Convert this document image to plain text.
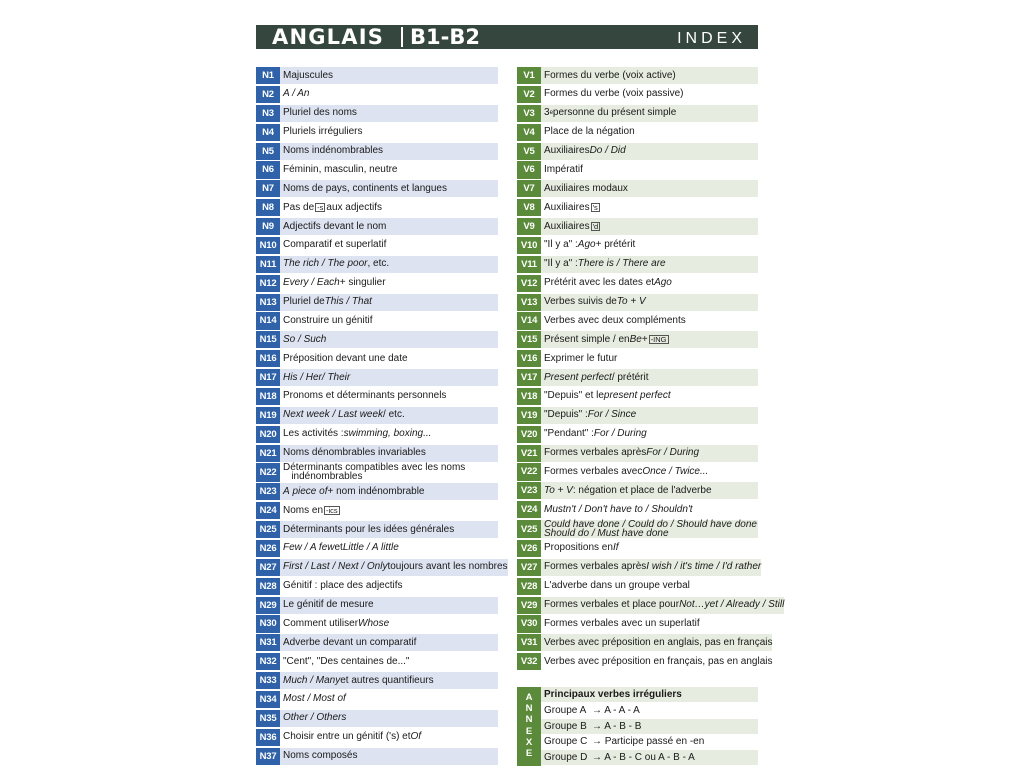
ANGLAIS B1-B2	INDEX
N1 Majuscules
N2 A / An
N3 Pluriel des noms
N4 Pluriels irréguliers
N5 Noms indénombrables
N6 Féminin, masculin, neutre
N7 Noms de pays, continents et langues
N8 Pas de -s aux adjectifs
N9 Adjectifs devant le nom
N10 Comparatif et superlatif
N11 The rich / The poor , etc.
N12 Every / Each + singulier
N13 Pluriel de This / That
N14 Construire un génitif
N15 So / Such
N16 Préposition devant une date
N17 His / Her/ Their
N18 Pronoms et déterminants personnels
N19 Next week / Last week / etc.
N20 Les activités : swimming, boxing...
N21 Noms dénombrables invariables
N22 Déterminants compatibles avec les noms
indénombrables
N23 A
piece of + nom indénombrable
N24 Noms en -ics
N25 Déterminants pour les idées générales
N26 Few / A few et Little / A little
N27 First / Last / Next / Only toujours avant les nombres
N28 Génitif : place des adjectifs
N29 Le génitif de mesure
N30 Comment utiliser Whose
N31 Adverbe devant un comparatif
N32 "Cent", "Des centaines de..."
N33 Much / Many et autres quantifieurs
N34 Most / Most of
N35 Other / Others
N36 Choisir entre un génitif ('s) et Of
N37 Noms composés
V1 Formes du verbe (voix active)
V2 Formes du verbe (voix passive)
V3 3 e personne du présent simple
V4 Place de la négation
V5 Auxiliaires Do / Did
V6 Impératif
V7 Auxiliaires modaux
V8 Auxiliaires 's
V9 Auxiliaires 'd
V10 "Il y a" : Ago + prétérit
V11 "Il y a" : There is / There are
V12 Prétérit avec les dates et Ago
V13 Verbes suivis de To + V
V14 Verbes avec deux compléments
V15 Présent simple / en Be + -ING
V16 Exprimer le futur
V17 Present perfect / prétérit
V18 "Depuis" et le present perfect
V19 "Depuis" : For / Since
V20 "Pendant" : For / During
V21 Formes verbales après For / During
V22 Formes verbales avec Once / Twice...
V23 To + V : négation et place de l'adverbe
V24 Mustn't / Don't have to / Shouldn't
V25 Could have done / Could do / Should have done
Should do / Must have done
V26 Propositions en If
V27 Formes verbales après I wish / it's time / I'd rather
V28 L'adverbe dans un groupe verbal
V29 Formes verbales et place pour Not…yet / Already / Still
V30 Formes verbales avec un superlatif
V31 Verbes avec préposition en anglais, pas en français
V32 Verbes avec préposition en français, pas en anglais
A
N
N
E
X
E
Principaux verbes irréguliers
Groupe A → A - A - A
Groupe B → A - B - B
Groupe C → Participe passé en -en
Groupe D → A - B - C ou A - B - A
